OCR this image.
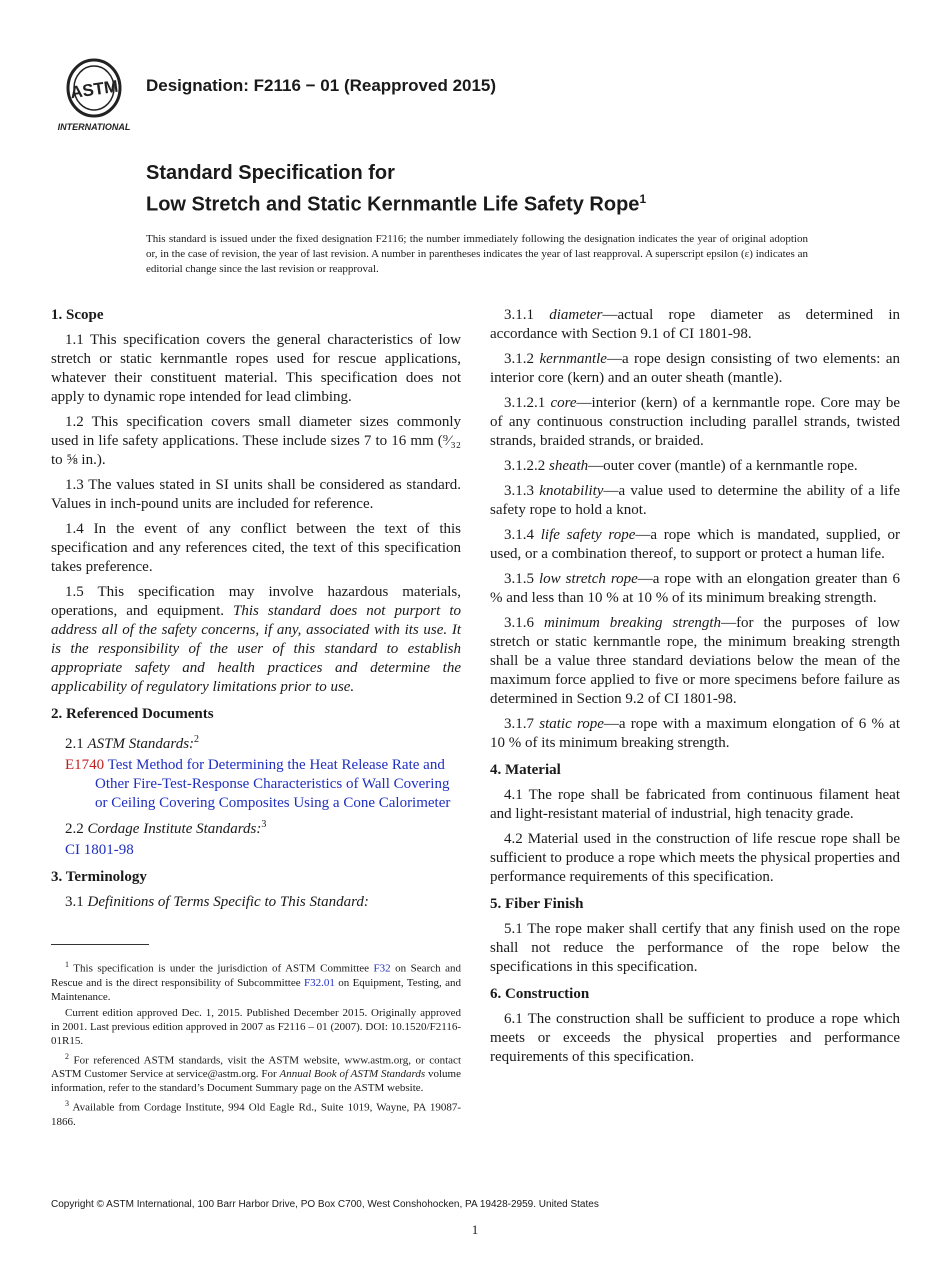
ASTM
INTERNATIONAL
Designation: F2116 − 01 (Reapproved 2015)
Standard Specification for
Low Stretch and Static Kernmantle Life Safety Rope$^1$
This standard is issued under the fixed designation F2116; the number immediately following the designation indicates the year of original adoption or, in the case of revision, the year of last revision. A number in parentheses indicates the year of last reapproval. A superscript epsilon (ε) indicates an editorial change since the last revision or reapproval.
1. Scope

1.1 This specification covers the general characteristics of low stretch or static kernmantle ropes used for rescue applications, whatever their constituent material. This specification does not apply to dynamic rope intended for lead climbing.

1.2 This specification covers small diameter sizes commonly used in life safety applications. These include sizes 7 to 16 mm (⁹⁄₃₂ to ⅝ in.).

1.3 The values stated in SI units shall be considered as standard. Values in inch-pound units are included for reference.

1.4 In the event of any conflict between the text of this specification and any references cited, the text of this specification takes preference.

1.5 This specification may involve hazardous materials, operations, and equipment. This standard does not purport to address all of the safety concerns, if any, associated with its use. It is the responsibility of the user of this standard to establish appropriate safety and health practices and determine the applicability of regulatory limitations prior to use.

2. Referenced Documents
2.1 ASTM Standards:$^2$
E1740 Test Method for Determining the Heat Release Rate and Other Fire-Test-Response Characteristics of Wall Covering or Ceiling Covering Composites Using a Cone Calorimeter
2.2 Cordage Institute Standards:$^3$
CI 1801-98
3. Terminology

3.1 Definitions of Terms Specific to This Standard:

$^1$ This specification is under the jurisdiction of ASTM Committee F32 on Search and Rescue and is the direct responsibility of Subcommittee F32.01 on Equipment, Testing, and Maintenance.

Current edition approved Dec. 1, 2015. Published December 2015. Originally approved in 2001. Last previous edition approved in 2007 as F2116 – 01 (2007). DOI: 10.1520/F2116-01R15.

$^2$ For referenced ASTM standards, visit the ASTM website, www.astm.org, or contact ASTM Customer Service at service@astm.org. For Annual Book of ASTM Standards volume information, refer to the standard’s Document Summary page on the ASTM website.

$^3$ Available from Cordage Institute, 994 Old Eagle Rd., Suite 1019, Wayne, PA 19087-1866.

3.1.1 diameter—actual rope diameter as determined in accordance with Section 9.1 of CI 1801-98.

3.1.2 kernmantle—a rope design consisting of two elements: an interior core (kern) and an outer sheath (mantle).

3.1.2.1 core—interior (kern) of a kernmantle rope. Core may be of any continuous construction including parallel strands, twisted strands, braided strands, or braided.

3.1.2.2 sheath—outer cover (mantle) of a kernmantle rope.

3.1.3 knotability—a value used to determine the ability of a life safety rope to hold a knot.

3.1.4 life safety rope—a rope which is mandated, supplied, or used, or a combination thereof, to support or protect a human life.

3.1.5 low stretch rope—a rope with an elongation greater than 6 % and less than 10 % at 10 % of its minimum breaking strength.

3.1.6 minimum breaking strength—for the purposes of low stretch or static kernmantle rope, the minimum breaking strength shall be a value three standard deviations below the mean of the maximum force applied to five or more specimens before failure as determined in Section 9.2 of CI 1801-98.

3.1.7 static rope—a rope with a maximum elongation of 6 % at 10 % of its minimum breaking strength.

4. Material

4.1 The rope shall be fabricated from continuous filament heat and light-resistant material of industrial, high tenacity grade.

4.2 Material used in the construction of life rescue rope shall be sufficient to produce a rope which meets the physical properties and performance requirements of this specification.

5. Fiber Finish

5.1 The rope maker shall certify that any finish used on the rope shall not reduce the performance of the rope below the specifications in this specification.

6. Construction

6.1 The construction shall be sufficient to produce a rope which meets or exceeds the physical properties and performance requirements of this specification.

Copyright © ASTM International, 100 Barr Harbor Drive, PO Box C700, West Conshohocken, PA 19428-2959. United States
1
